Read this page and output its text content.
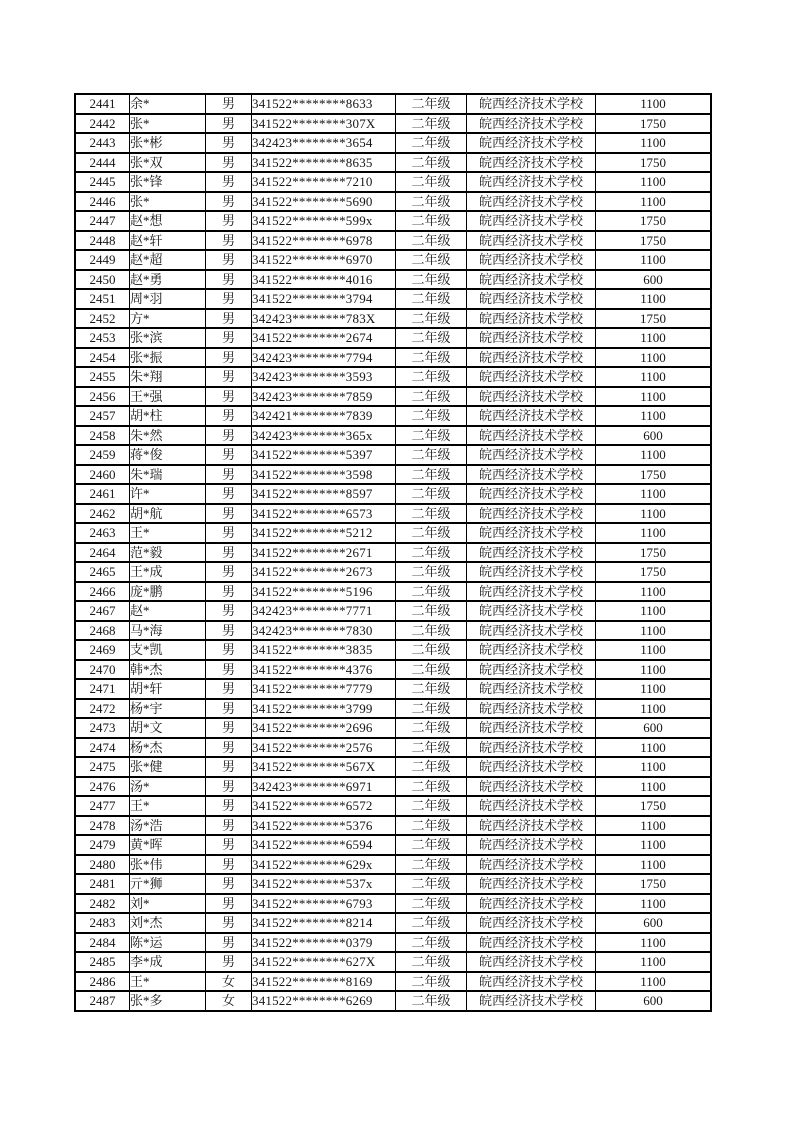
2441	余*	男	341522********8633	二年级	皖西经济技术学校	1100
2442	张*	男	341522********307X	二年级	皖西经济技术学校	1750
2443	张*彬	男	342423********3654	二年级	皖西经济技术学校	1100
2444	张*双	男	341522********8635	二年级	皖西经济技术学校	1750
2445	张*锋	男	341522********7210	二年级	皖西经济技术学校	1100
2446	张*	男	341522********5690	二年级	皖西经济技术学校	1100
2447	赵*想	男	341522********599x	二年级	皖西经济技术学校	1750
2448	赵*轩	男	341522********6978	二年级	皖西经济技术学校	1750
2449	赵*超	男	341522********6970	二年级	皖西经济技术学校	1100
2450	赵*勇	男	341522********4016	二年级	皖西经济技术学校	600
2451	周*羽	男	341522********3794	二年级	皖西经济技术学校	1100
2452	方*	男	342423********783X	二年级	皖西经济技术学校	1750
2453	张*滨	男	341522********2674	二年级	皖西经济技术学校	1100
2454	张*振	男	342423********7794	二年级	皖西经济技术学校	1100
2455	朱*翔	男	342423********3593	二年级	皖西经济技术学校	1100
2456	王*强	男	342423********7859	二年级	皖西经济技术学校	1100
2457	胡*柱	男	342421********7839	二年级	皖西经济技术学校	1100
2458	朱*然	男	342423********365x	二年级	皖西经济技术学校	600
2459	蒋*俊	男	341522********5397	二年级	皖西经济技术学校	1100
2460	朱*瑞	男	341522********3598	二年级	皖西经济技术学校	1750
2461	许*	男	341522********8597	二年级	皖西经济技术学校	1100
2462	胡*航	男	341522********6573	二年级	皖西经济技术学校	1100
2463	王*	男	341522********5212	二年级	皖西经济技术学校	1100
2464	范*毅	男	341522********2671	二年级	皖西经济技术学校	1750
2465	王*成	男	341522********2673	二年级	皖西经济技术学校	1750
2466	庞*鹏	男	341522********5196	二年级	皖西经济技术学校	1100
2467	赵*	男	342423********7771	二年级	皖西经济技术学校	1100
2468	马*海	男	342423********7830	二年级	皖西经济技术学校	1100
2469	支*凯	男	341522********3835	二年级	皖西经济技术学校	1100
2470	韩*杰	男	341522********4376	二年级	皖西经济技术学校	1100
2471	胡*轩	男	341522********7779	二年级	皖西经济技术学校	1100
2472	杨*宇	男	341522********3799	二年级	皖西经济技术学校	1100
2473	胡*文	男	341522********2696	二年级	皖西经济技术学校	600
2474	杨*杰	男	341522********2576	二年级	皖西经济技术学校	1100
2475	张*健	男	341522********567X	二年级	皖西经济技术学校	1100
2476	汤*	男	342423********6971	二年级	皖西经济技术学校	1100
2477	王*	男	341522********6572	二年级	皖西经济技术学校	1750
2478	汤*浩	男	341522********5376	二年级	皖西经济技术学校	1100
2479	黄*晖	男	341522********6594	二年级	皖西经济技术学校	1100
2480	张*伟	男	341522********629x	二年级	皖西经济技术学校	1100
2481	亓*狮	男	341522********537x	二年级	皖西经济技术学校	1750
2482	刘*	男	341522********6793	二年级	皖西经济技术学校	1100
2483	刘*杰	男	341522********8214	二年级	皖西经济技术学校	600
2484	陈*运	男	341522********0379	二年级	皖西经济技术学校	1100
2485	李*成	男	341522********627X	二年级	皖西经济技术学校	1100
2486	王*	女	341522********8169	二年级	皖西经济技术学校	1100
2487	张*多	女	341522********6269	二年级	皖西经济技术学校	600
